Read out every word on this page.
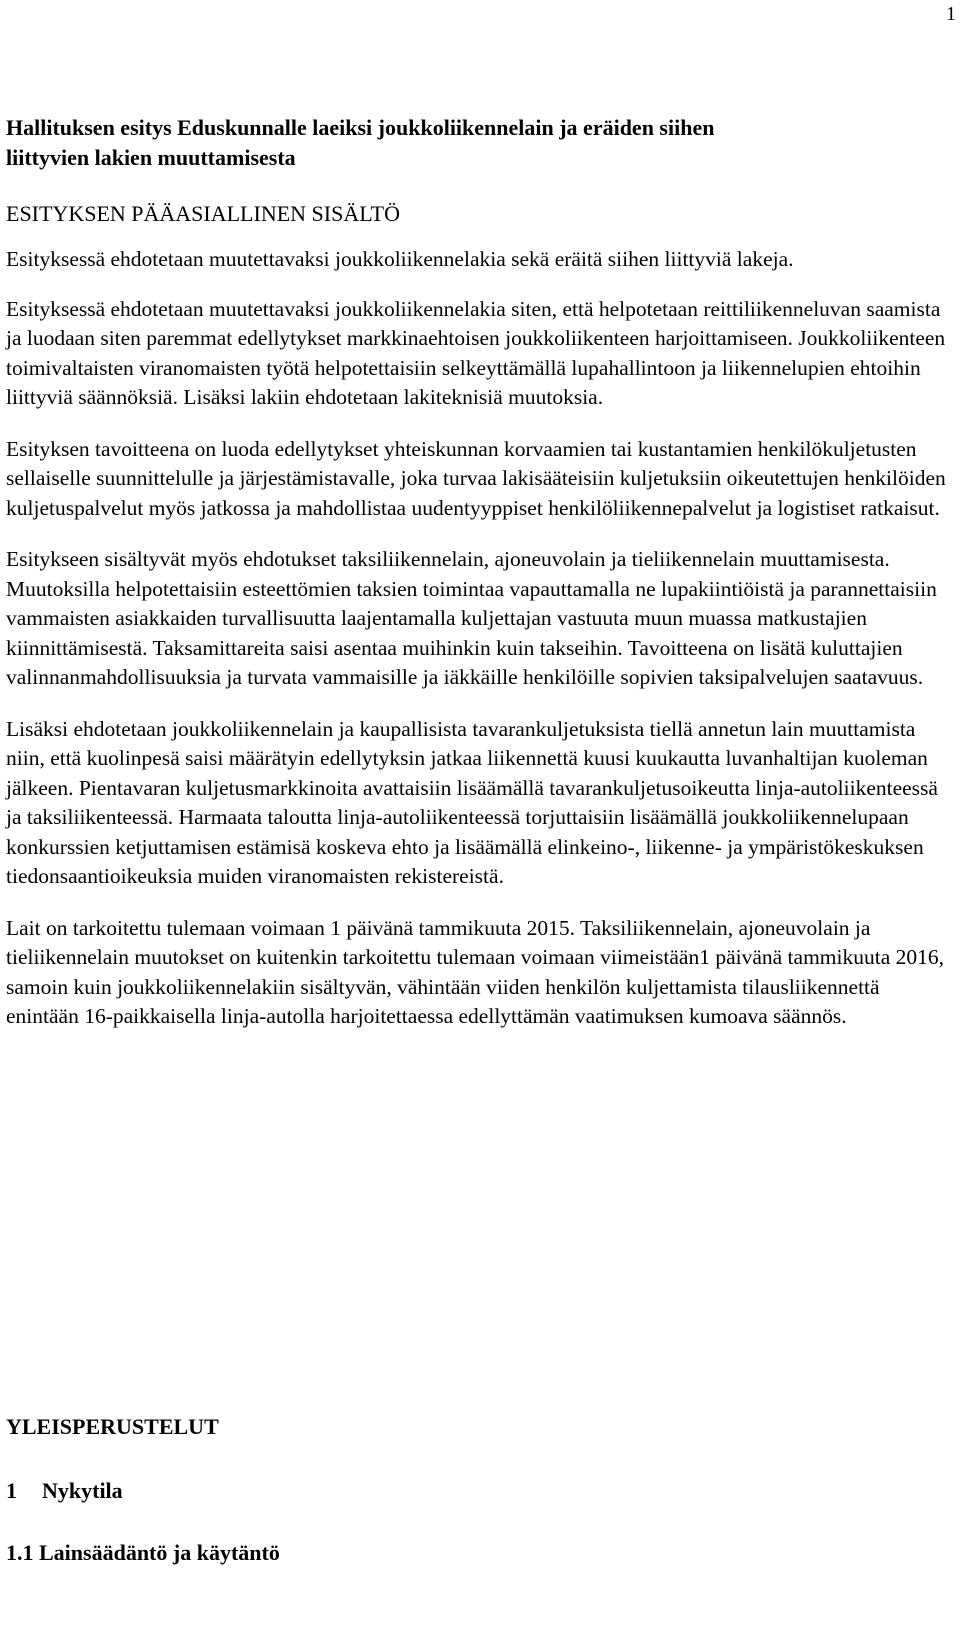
1
Hallituksen esitys Eduskunnalle laeiksi joukkoliikennelain ja eräiden siihen
liittyvien lakien muuttamisesta
ESITYKSEN PÄÄASIALLINEN SISÄLTÖ

Esityksessä ehdotetaan muutettavaksi joukkoliikennelakia sekä eräitä siihen liittyviä lakeja.

Esityksessä ehdotetaan muutettavaksi joukkoliikennelakia siten, että helpotetaan reittiliikenneluvan saamista ja luodaan siten paremmat edellytykset markkinaehtoisen joukkoliikenteen harjoittamiseen. Joukkoliikenteen toimivaltaisten viranomaisten työtä helpotettaisiin selkeyttämällä lupahallintoon ja liikennelupien ehtoihin liittyviä säännöksiä. Lisäksi lakiin ehdotetaan lakiteknisiä muutoksia.

Esityksen tavoitteena on luoda edellytykset yhteiskunnan korvaamien tai kustantamien henkilökuljetusten sellaiselle suunnittelulle ja järjestämistavalle, joka turvaa lakisääteisiin kuljetuksiin oikeutettujen henkilöiden kuljetuspalvelut myös jatkossa ja mahdollistaa uudentyyppiset henkilöliikennepalvelut ja logistiset ratkaisut.

Esitykseen sisältyvät myös ehdotukset taksiliikennelain, ajoneuvolain ja tieliikennelain muuttamisesta. Muutoksilla helpotettaisiin esteettömien taksien toimintaa vapauttamalla ne lupakiintiöistä ja parannettaisiin vammaisten asiakkaiden turvallisuutta laajentamalla kuljettajan vastuuta muun muassa matkustajien kiinnittämisestä. Taksamittareita saisi asentaa muihinkin kuin takseihin. Tavoitteena on lisätä kuluttajien valinnanmahdollisuuksia ja turvata vammaisille ja iäkkäille henkilöille sopivien taksipalvelujen saatavuus.

Lisäksi ehdotetaan joukkoliikennelain ja kaupallisista tavarankuljetuksista tiellä annetun lain muuttamista niin, että kuolinpesä saisi määrätyin edellytyksin jatkaa liikennettä kuusi kuukautta luvanhaltijan kuoleman jälkeen. Pientavaran kuljetusmarkkinoita avattaisiin lisäämällä tavarankuljetusoikeutta linja-autoliikenteessä ja taksiliikenteessä. Harmaata taloutta linja-autoliikenteessä torjuttaisiin lisäämällä joukkoliikennelupaan konkurssien ketjuttamisen estämisä koskeva ehto ja lisäämällä elinkeino-, liikenne- ja ympäristökeskuksen tiedonsaantioikeuksia muiden viranomaisten rekistereistä.

Lait on tarkoitettu tulemaan voimaan 1 päivänä tammikuuta 2015. Taksiliikennelain, ajoneuvolain ja tieliikennelain muutokset on kuitenkin tarkoitettu tulemaan voimaan viimeistään1 päivänä tammikuuta 2016, samoin kuin joukkoliikennelakiin sisältyvän, vähintään viiden henkilön kuljettamista tilausliikennettä enintään 16-paikkaisella linja-autolla harjoitettaessa edellyttämän vaatimuksen kumoava säännös.

YLEISPERUSTELUT
1 Nykytila
1.1 Lainsäädäntö ja käytäntö
